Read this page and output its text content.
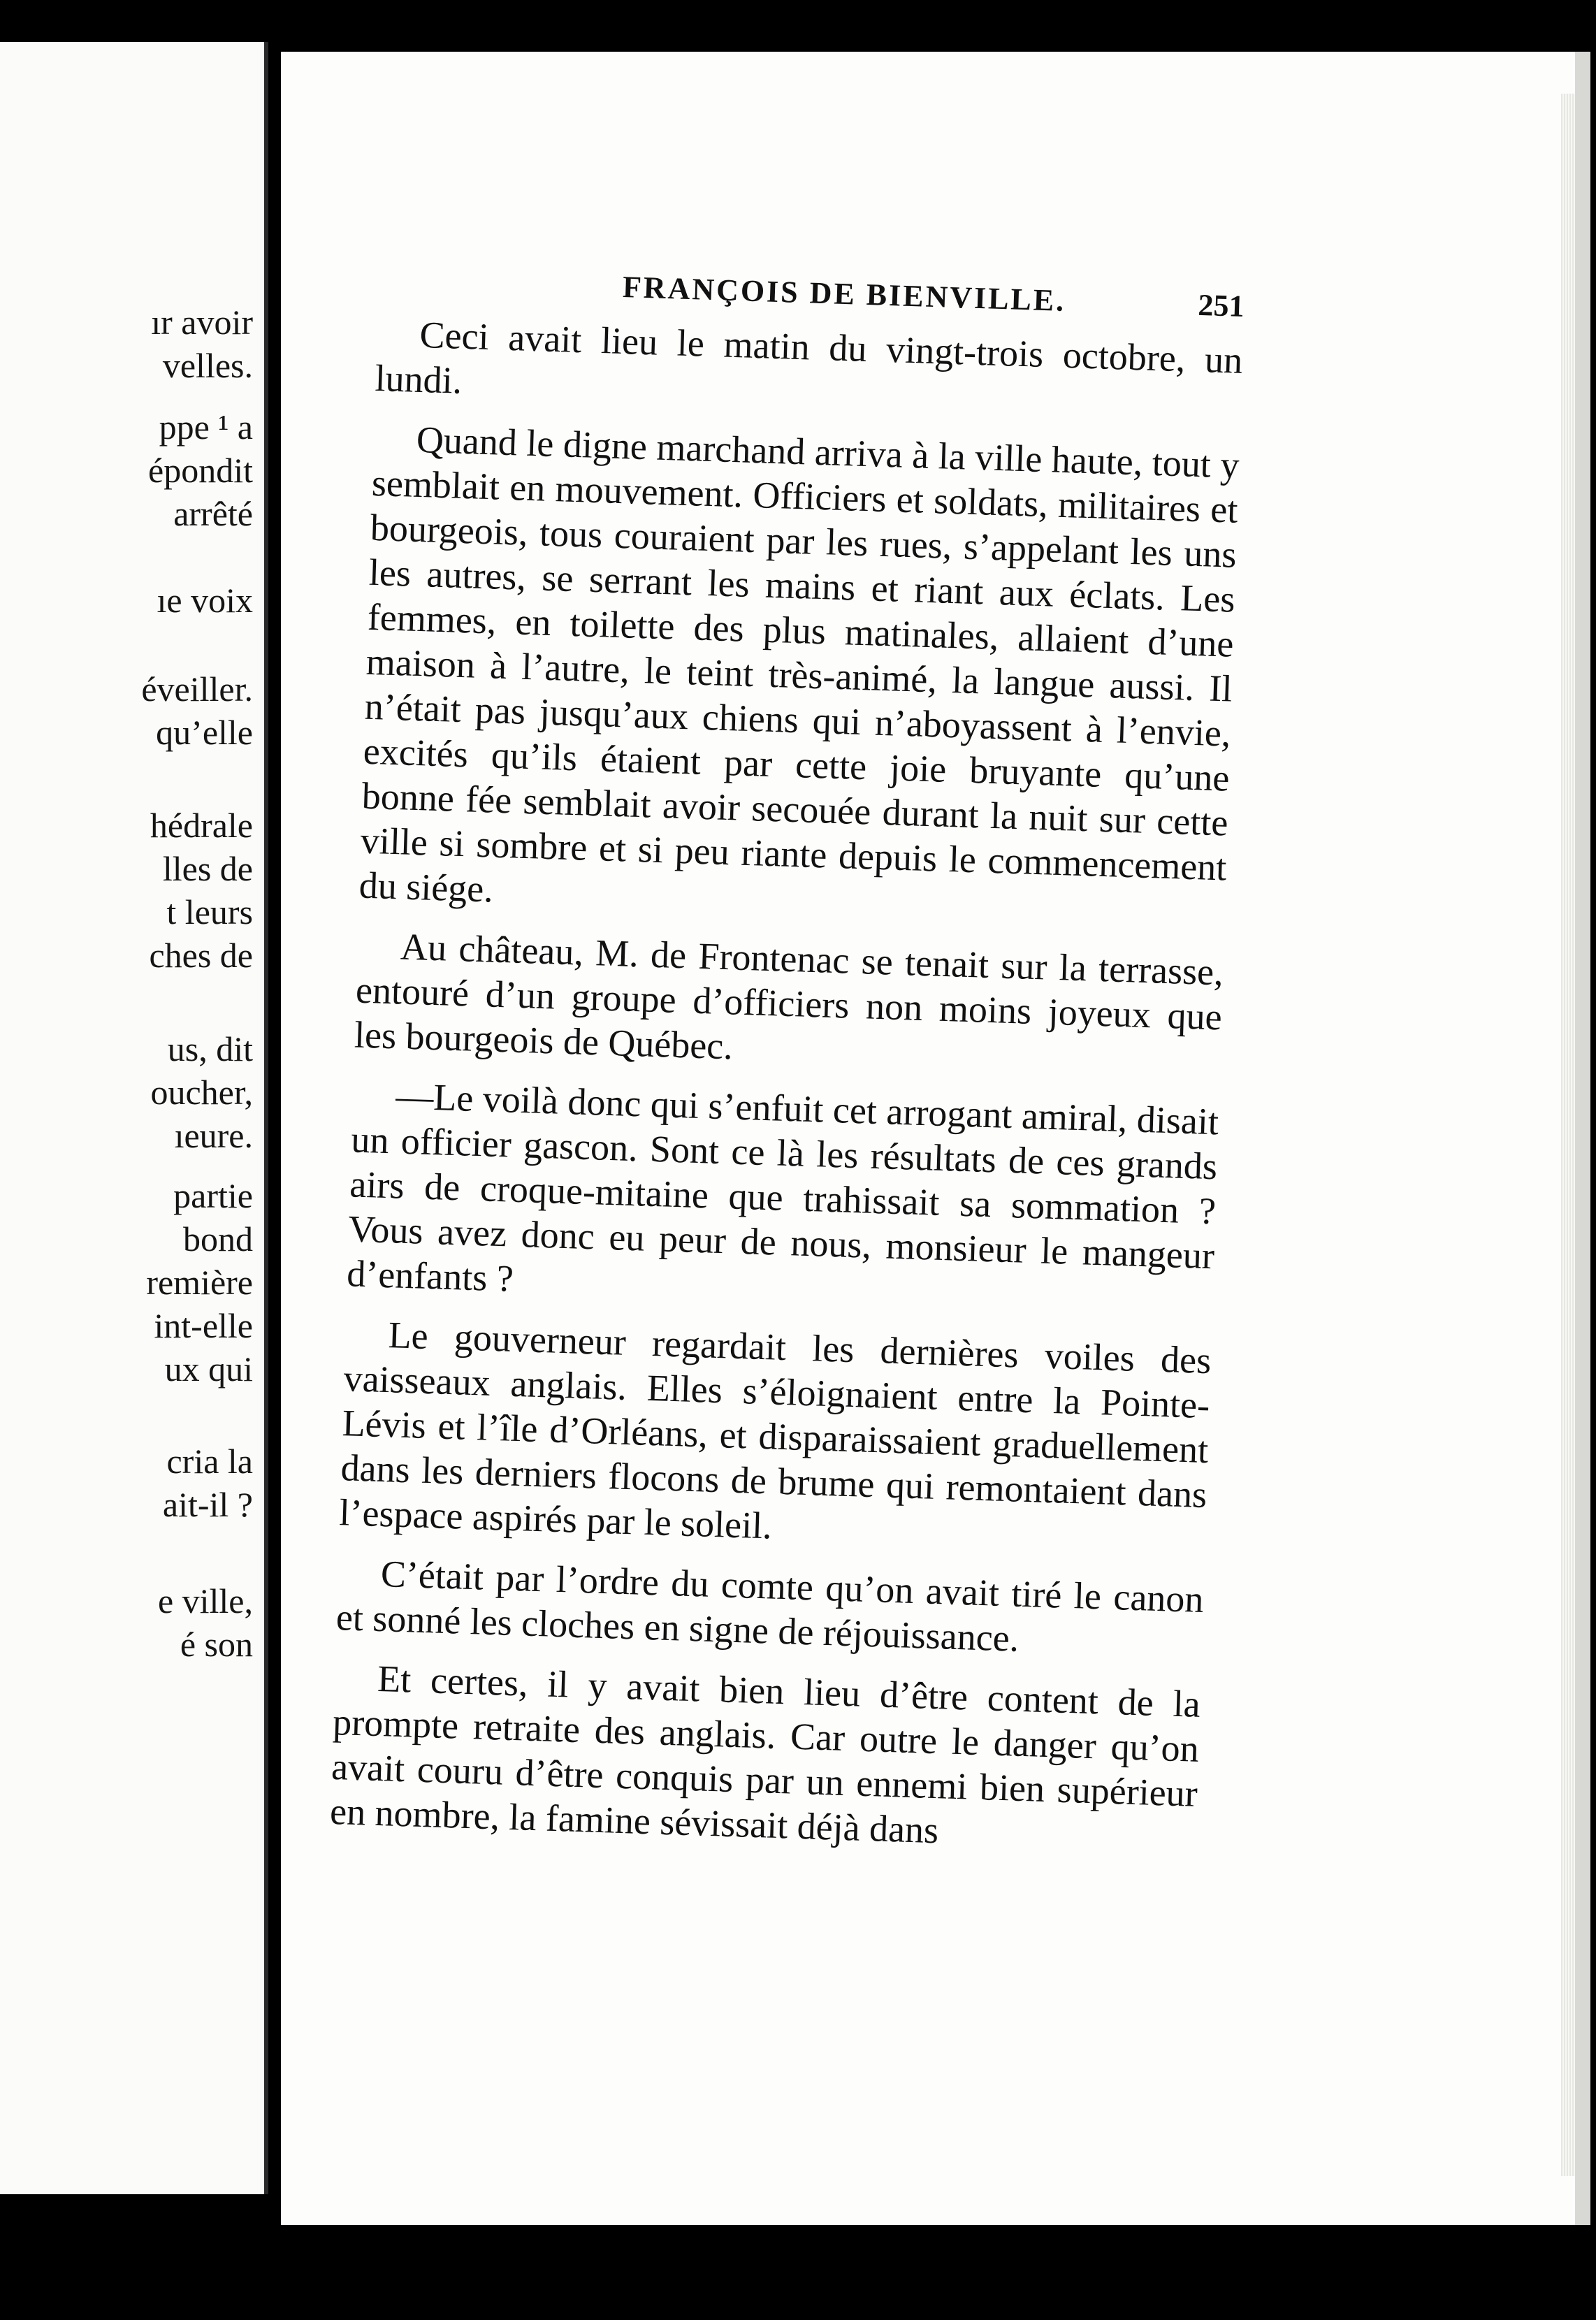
ır avoir
velles.
ppe ¹ a
épondit
arrêté
ıe voix
éveiller.
qu’elle
hédrale
lles de
t leurs
ches de
us, dit
oucher,
ıeure.
partie
bond
remière
int-elle
ux qui
cria la
ait-il ?
e ville,
é son
FRANÇOIS DE BIENVILLE.	251

Ceci avait lieu le matin du vingt-trois octobre, un lundi.

Quand le digne marchand arriva à la ville haute, tout y semblait en mouvement. Officiers et soldats, militaires et bourgeois, tous couraient par les rues, s’appelant les uns les autres, se serrant les mains et riant aux éclats. Les femmes, en toilette des plus matinales, allaient d’une maison à l’autre, le teint très-animé, la langue aussi. Il n’était pas jusqu’aux chiens qui n’aboyassent à l’envie, excités qu’ils étaient par cette joie bruyante qu’une bonne fée semblait avoir secouée durant la nuit sur cette ville si sombre et si peu riante depuis le commencement du siége.

Au château, M. de Frontenac se tenait sur la terrasse, entouré d’un groupe d’officiers non moins joyeux que les bourgeois de Québec.

—Le voilà donc qui s’enfuit cet arrogant amiral, disait un officier gascon. Sont ce là les résultats de ces grands airs de croque-mitaine que trahissait sa sommation ? Vous avez donc eu peur de nous, monsieur le mangeur d’enfants ?

Le gouverneur regardait les dernières voiles des vaisseaux anglais. Elles s’éloignaient entre la Pointe-Lévis et l’île d’Orléans, et disparaissaient graduellement dans les derniers flocons de brume qui remontaient dans l’espace aspirés par le soleil.

C’était par l’ordre du comte qu’on avait tiré le canon et sonné les cloches en signe de réjouissance.

Et certes, il y avait bien lieu d’être content de la prompte retraite des anglais. Car outre le danger qu’on avait couru d’être conquis par un ennemi bien supérieur en nombre, la famine sévissait déjà dans
